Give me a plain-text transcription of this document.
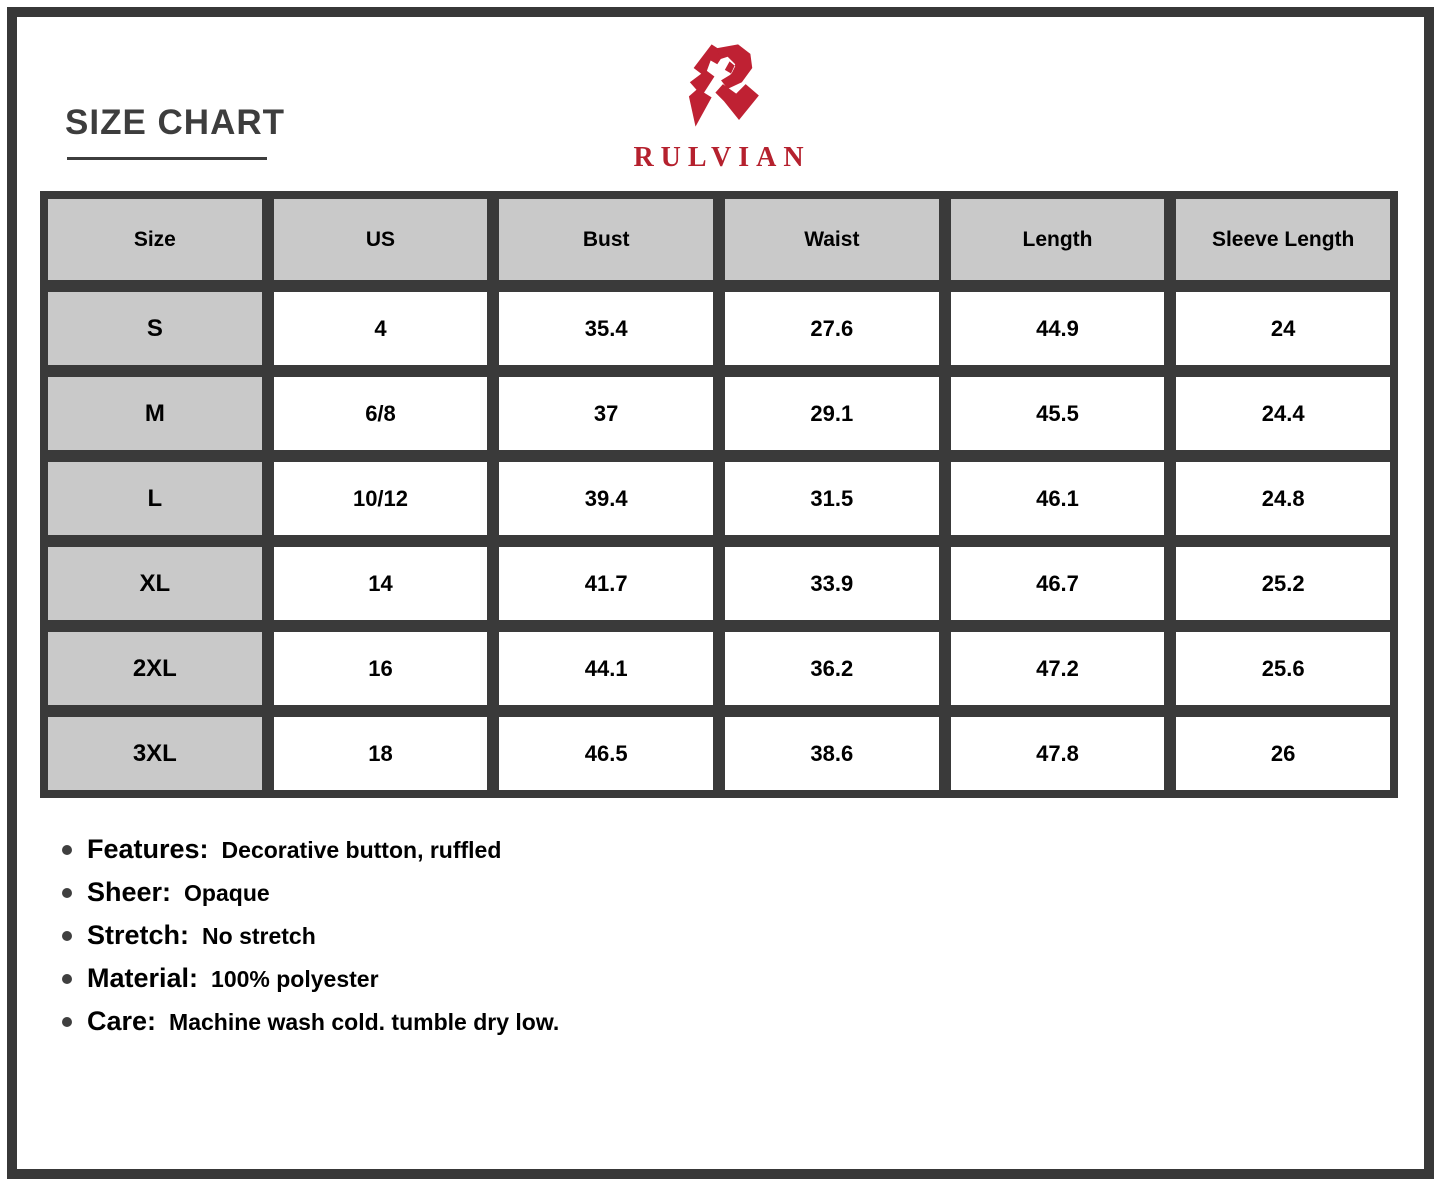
SIZE CHART
RULVIAN
Size	US	Bust	Waist	Length	Sleeve Length
S	4	35.4	27.6	44.9	24
M	6/8	37	29.1	45.5	24.4
L	10/12	39.4	31.5	46.1	24.8
XL	14	41.7	33.9	46.7	25.2
2XL	16	44.1	36.2	47.2	25.6
3XL	18	46.5	38.6	47.8	26
Features: Decorative button, ruffled
Sheer: Opaque
Stretch: No stretch
Material: 100% polyester
Care: Machine wash cold. tumble dry low.
